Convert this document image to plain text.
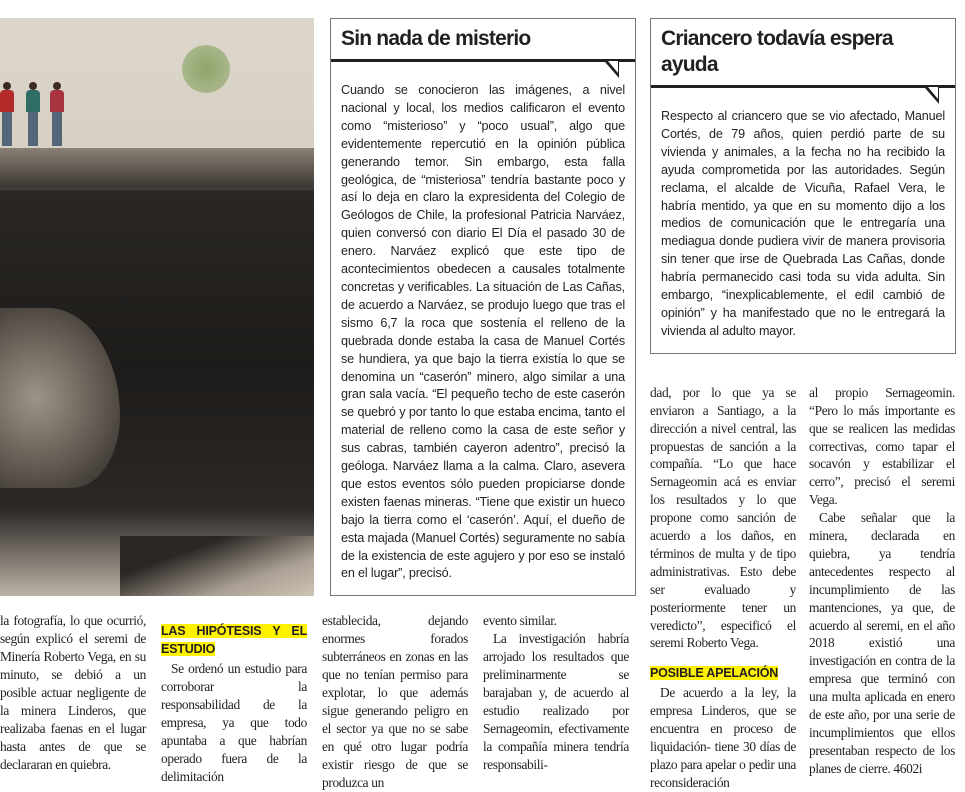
Sin nada de misterio
Cuando se conocieron las imágenes, a nivel nacional y local, los medios calificaron el evento como “misterioso” y “poco usual”, algo que evidentemente repercutió en la opinión pública generando temor. Sin embargo, esta falla geológica, de “misteriosa” tendría bastante poco y así lo deja en claro la expresidenta del Colegio de Geólogos de Chile, la profesional Patricia Narváez, quien conversó con diario El Día el pasado 30 de enero. Narváez explicó que este tipo de acontecimientos obedecen a causales totalmente concretas y verificables. La situación de Las Cañas, de acuerdo a Narváez, se produjo luego que tras el sismo 6,7 la roca que sostenía el relleno de la quebrada donde estaba la casa de Manuel Cortés se hundiera, ya que bajo la tierra existía lo que se denomina un “caserón” minero, algo similar a una gran sala vacía. “El pequeño techo de este caserón se quebró y por tanto lo que estaba encima, tanto el material de relleno como la casa de este señor y sus cabras, también cayeron adentro”, precisó la geóloga. Narváez llama a la calma. Claro, asevera que estos eventos sólo pueden propiciarse donde existen faenas mineras. “Tiene que existir un hueco bajo la tierra como el ‘caserón’. Aquí, el dueño de esta majada (Manuel Cortés) seguramente no sabía de la existencia de este agujero y por eso se instaló en el lugar”, precisó.

la fotografía, lo que ocurrió, según explicó el seremi de Minería Roberto Vega, en su minuto, se debió a un posible actuar negligente de la minera Linderos, que realizaba faenas en el lugar hasta antes de que se declararan en quiebra.

LAS HIPÓTESIS Y EL ESTUDIO

Se ordenó un estudio para corroborar la responsabilidad de la empresa, ya que todo apuntaba a que habrían operado fuera de la delimitación

establecida, dejando enormes forados subterráneos en zonas en las que no tenían permiso para explotar, lo que además sigue generando peligro en el sector ya que no se sabe en qué otro lugar podría existir riesgo de que se produzca un

evento similar.

La investigación habría arrojado los resultados que preliminarmente se barajaban y, de acuerdo al estudio realizado por Sernageomin, efectivamente la compañía minera tendría responsabili-

Criancero todavía espera ayuda
Respecto al criancero que se vio afectado, Manuel Cortés, de 79 años, quien perdió parte de su vivienda y animales, a la fecha no ha recibido la ayuda comprometida por las autoridades. Según reclama, el alcalde de Vicuña, Rafael Vera, le habría mentido, ya que en su momento dijo a los medios de comunicación que le entregaría una mediagua donde pudiera vivir de manera provisoria sin tener que irse de Quebrada Las Cañas, donde habría permanecido casi toda su vida adulta. Sin embargo, “inexplicablemente, el edil cambió de opinión” y ha manifestado que no le entregará la vivienda al adulto mayor.

dad, por lo que ya se enviaron a Santiago, a la dirección a nivel central, las propuestas de sanción a la compañía. “Lo que hace Sernageomin acá es enviar los resultados y lo que propone como sanción de acuerdo a los daños, en términos de multa y de tipo administrativas. Esto debe ser evaluado y posteriormente tener un veredicto”, especificó el seremi Roberto Vega.

POSIBLE APELACIÓN

De acuerdo a la ley, la empresa Linderos, que se encuentra en proceso de liquidación- tiene 30 días de plazo para apelar o pedir una reconsideración

al propio Sernageomin. “Pero lo más importante es que se realicen las medidas correctivas, como tapar el socavón y estabilizar el cerro”, precisó el seremi Vega.

Cabe señalar que la minera, declarada en quiebra, ya tendría antecedentes respecto al incumplimiento de las mantenciones, ya que, de acuerdo al seremi, en el año 2018 existió una investigación en contra de la empresa que terminó con una multa aplicada en enero de este año, por una serie de incumplimientos que ellos presentaban respecto de los planes de cierre. 4602i
